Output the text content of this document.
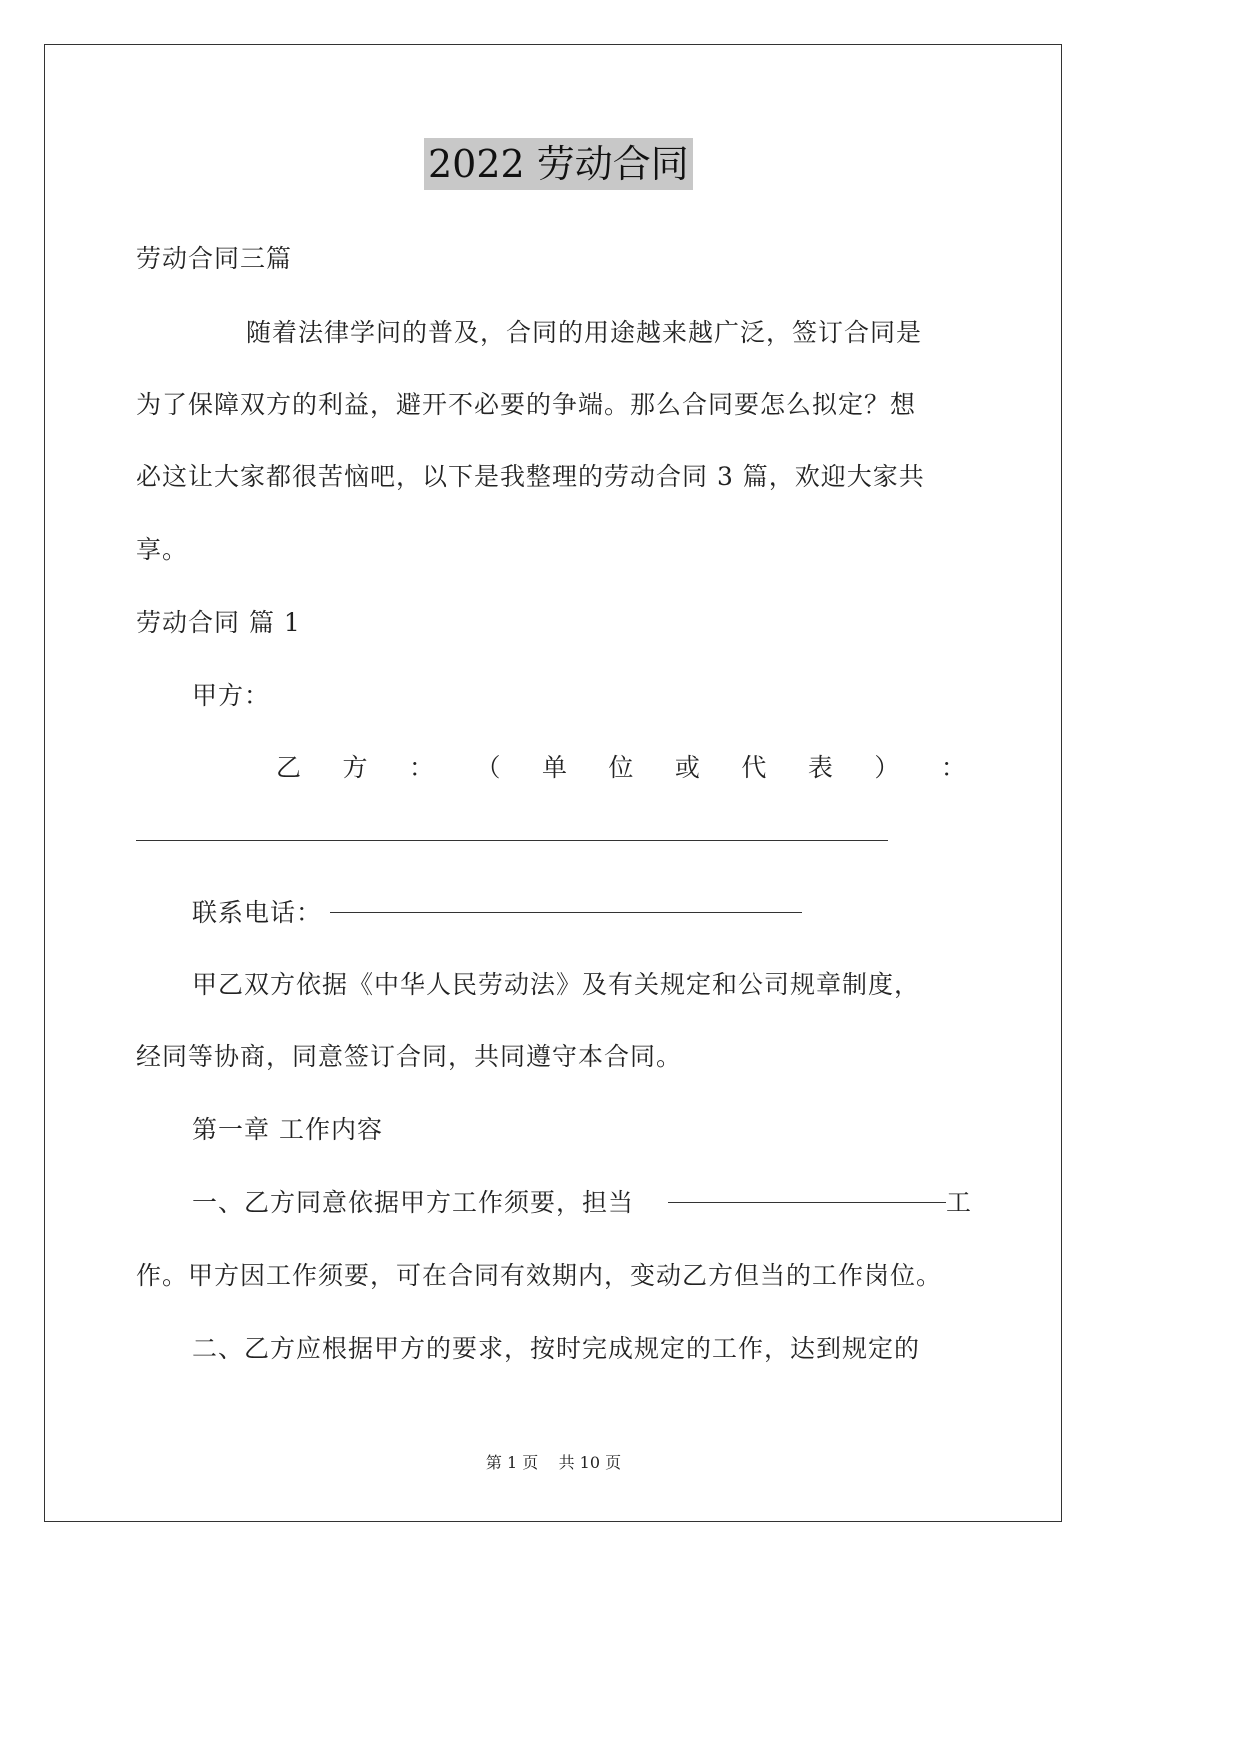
2022 劳动合同
劳动合同三篇
随着法律学问的普及，合同的用途越来越广泛，签订合同是
为了保障双方的利益，避开不必要的争端。那么合同要怎么拟定？想
必这让大家都很苦恼吧，以下是我整理的劳动合同 3 篇，欢迎大家共
享。
劳动合同 篇 1
甲方：
乙 方 ： （ 单 位 或 代 表 ） ：
联系电话：
甲乙双方依据《中华人民劳动法》及有关规定和公司规章制度，
经同等协商，同意签订合同，共同遵守本合同。
第一章 工作内容
一、乙方同意依据甲方工作须要，担当	工
作。甲方因工作须要，可在合同有效期内，变动乙方但当的工作岗位。
二、乙方应根据甲方的要求，按时完成规定的工作，达到规定的
第 1 页    共 10 页
